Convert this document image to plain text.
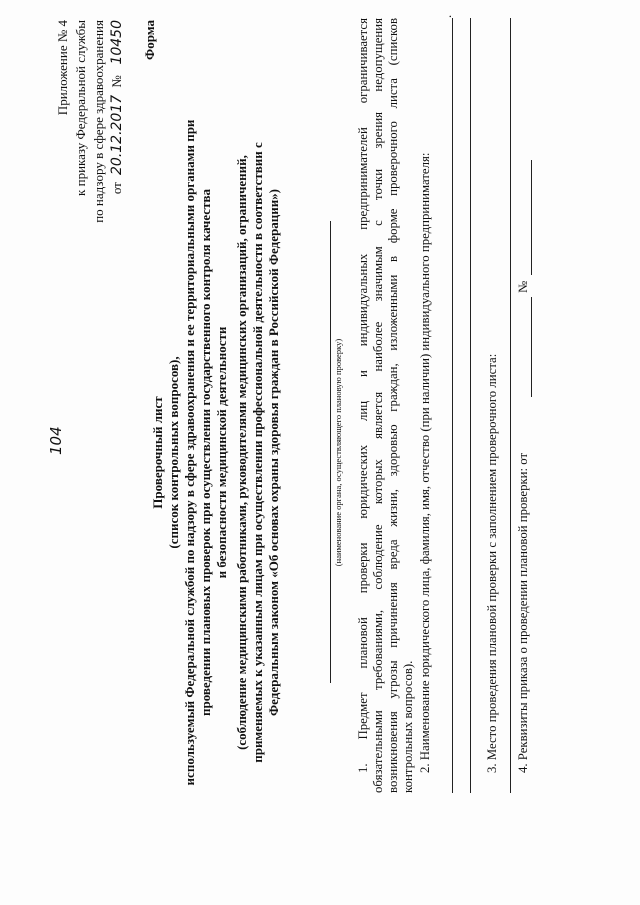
104
Приложение № 4 к приказу Федеральной службы по надзору в сфере здравоохранения от 20.12.2017 № 10450 Форма
Проверочный лист (список контрольных вопросов), используемый Федеральной службой по надзору в сфере здравоохранения и ее территориальными органами при проведении плановых проверок при осуществлении государственного контроля качества и безопасности медицинской деятельности (соблюдение медицинскими работниками, руководителями медицинских организаций, ограничений, применяемых к указанным лицам при осуществлении профессиональной деятельности в соответствии с Федеральным законом «Об основах охраны здоровья граждан в Российской Федерации»)	(наименование органа, осуществляющего плановую проверку) 1. Предмет плановой проверки юридических лиц и индивидуальных предпринимателей ограничивается обязательными требованиями, соблюдение которых является наиболее значимым с точки зрения недопущения возникновения угрозы причинения вреда жизни, здоровью граждан, изложенными в форме проверочного листа (списков контрольных вопросов). 2. Наименование юридического лица, фамилия, имя, отчество (при наличии) индивидуального предпринимателя:
.
3. Место проведения плановой проверки с заполнением проверочного листа: 4. Реквизиты приказа о проведении плановой проверки: от
№
